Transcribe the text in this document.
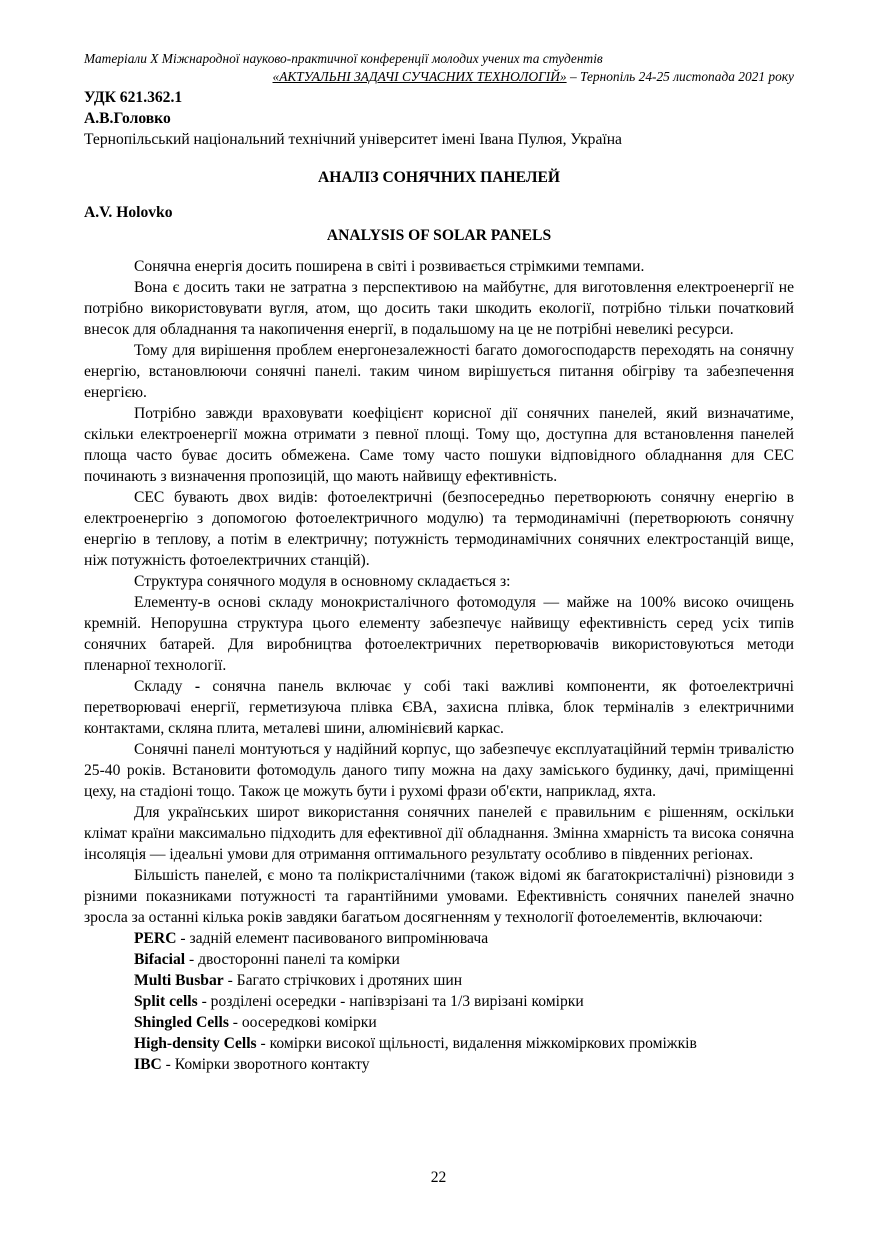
Матеріали X Міжнародної науково-практичної конференції молодих учених та студентів
«АКТУАЛЬНІ ЗАДАЧІ СУЧАСНИХ ТЕХНОЛОГІЙ» – Тернопіль 24-25 листопада 2021 року
УДК 621.362.1
А.В.Головко
Тернопільський національний технічний університет імені Івана Пулюя, Україна
АНАЛІЗ СОНЯЧНИХ ПАНЕЛЕЙ
A.V. Holovko
ANALYSIS OF SOLAR PANELS

Сонячна енергія досить поширена в світі і розвивається стрімкими темпами.

Вона є досить таки не затратна з перспективою на майбутнє, для виготовлення електроенергії не потрібно використовувати вугля, атом, що досить таки шкодить екології, потрібно тільки початковий внесок для обладнання та накопичення енергії, в подальшому на це не потрібні невеликі ресурси.

Тому для вирішення проблем енергонезалежності багато домогосподарств переходять на сонячну енергію, встановлюючи сонячні панелі. таким чином вирішується питання обігріву та забезпечення енергією.

Потрібно завжди враховувати коефіцієнт корисної дії сонячних панелей, який визначатиме, скільки електроенергії можна отримати з певної площі. Тому що, доступна для встановлення панелей площа часто буває досить обмежена. Саме тому часто пошуки відповідного обладнання для СЕС починають з визначення пропозицій, що мають найвищу ефективність.

СЕС бувають двох видів: фотоелектричні (безпосередньо перетворюють сонячну енергію в електроенергію з допомогою фотоелектричного модулю) та термодинамічні (перетворюють сонячну енергію в теплову, а потім в електричну; потужність термодинамічних сонячних електростанцій вище, ніж потужність фотоелектричних станцій).

Структура сонячного модуля в основному складається з:

Елементу-в основі складу монокристалічного фотомодуля — майже на 100% високо очищень кремній. Непорушна структура цього елементу забезпечує найвищу ефективність серед усіх типів сонячних батарей. Для виробництва фотоелектричних перетворювачів використовуються методи пленарної технології.

Складу - сонячна панель включає у собі такі важливі компоненти, як фотоелектричні перетворювачі енергії, герметизуюча плівка ЄВА, захисна плівка, блок терміналів з електричними контактами, скляна плита, металеві шини, алюмінієвий каркас.

Сонячні панелі монтуються у надійний корпус, що забезпечує експлуатаційний термін тривалістю 25-40 років. Встановити фотомодуль даного типу можна на даху заміського будинку, дачі, приміщенні цеху, на стадіоні тощо. Також це можуть бути і рухомі фрази об'єкти, наприклад, яхта.

Для українських широт використання сонячних панелей є правильним є рішенням, оскільки клімат країни максимально підходить для ефективної дії обладнання. Змінна хмарність та висока сонячна інсоляція — ідеальні умови для отримання оптимального результату особливо в південних регіонах.

Більшість панелей, є моно та полікристалічними (також відомі як багатокристалічні) різновиди з різними показниками потужності та гарантійними умовами. Ефективність сонячних панелей значно зросла за останні кілька років завдяки багатьом досягненням у технології фотоелементів, включаючи:

PERC - задній елемент пасивованого випромінювача
Bifacial - двосторонні панелі та комірки
Multi Busbar - Багато стрічкових і дротяних шин
Split cells - розділені осередки - напівзрізані та 1/3 вирізані комірки
Shingled Cells - оосередкові комірки
High-density Cells - комірки високої щільності, видалення міжкоміркових проміжків
IBC - Комірки зворотного контакту
22
